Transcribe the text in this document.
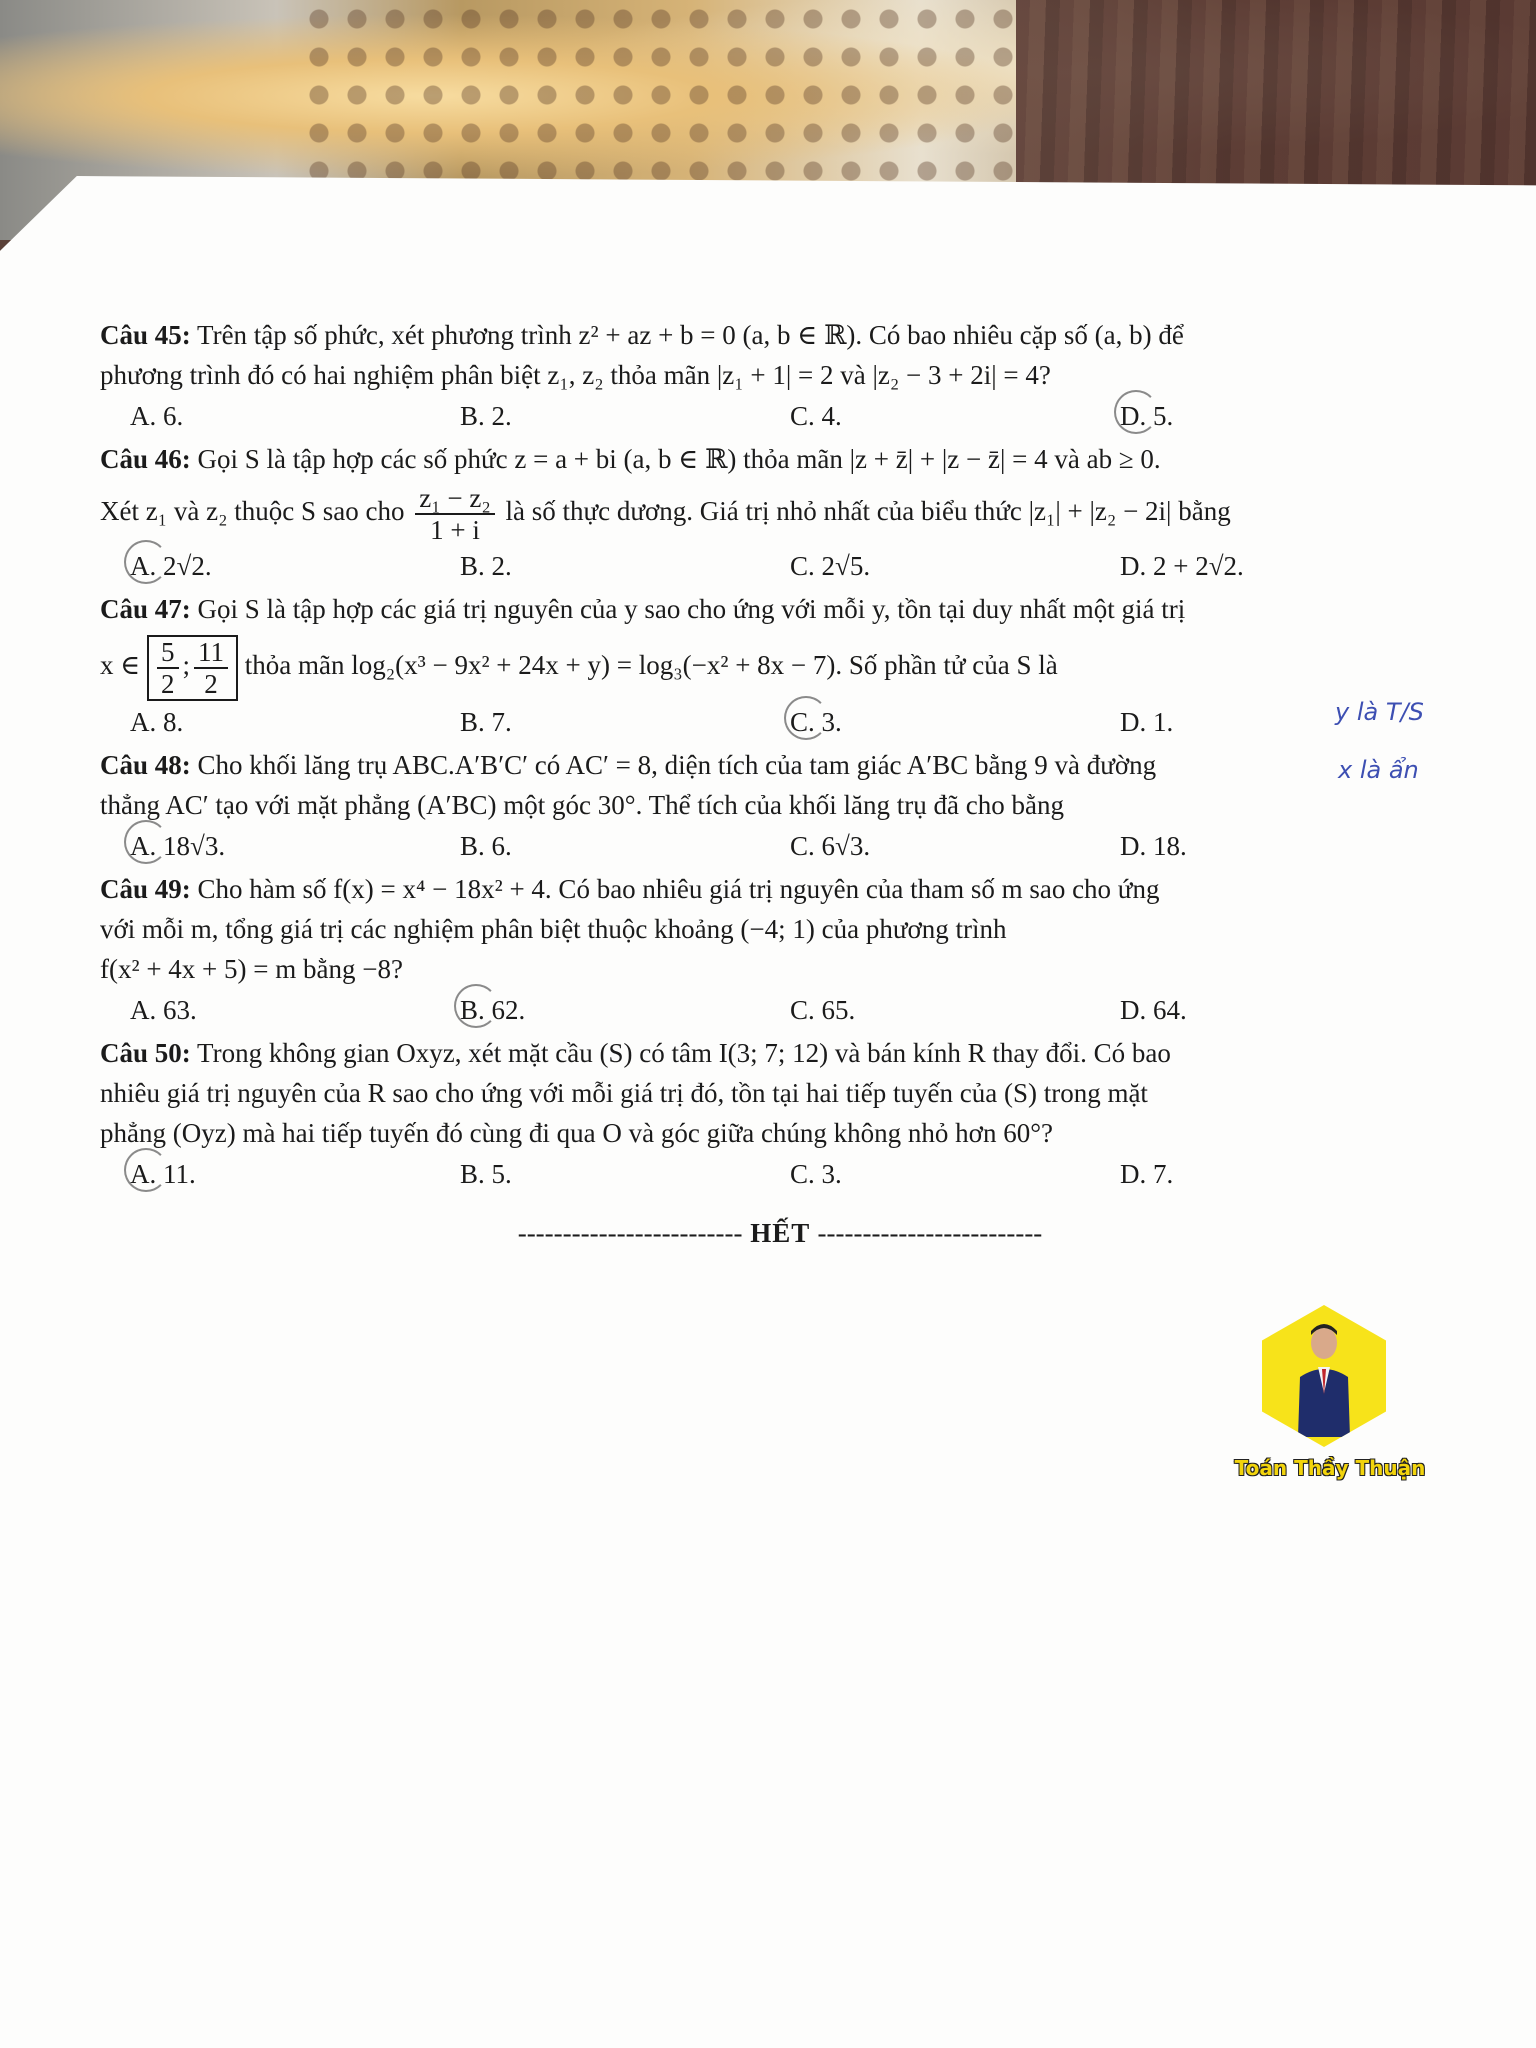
Câu 45: Trên tập số phức, xét phương trình z² + az + b = 0 (a, b ∈ ℝ). Có bao nhiêu cặp số (a, b) để

phương trình đó có hai nghiệm phân biệt z₁, z₂ thỏa mãn |z₁ + 1| = 2 và |z₂ − 3 + 2i| = 4?

A. 6.	B. 2.	C. 4.	D. 5.

Câu 46: Gọi S là tập hợp các số phức z = a + bi (a, b ∈ ℝ) thỏa mãn |z + z̄| + |z − z̄| = 4 và ab ≥ 0.

Xét z₁ và z₂ thuộc S sao cho $\frac{\text{z₁ − z₂}}{1 + i}$ là số thực dương. Giá trị nhỏ nhất của biểu thức |z₁| + |z₂ − 2i| bằng

A. 2√2.	B. 2.	C. 2√5.	D. 2 + 2√2.

Câu 47: Gọi S là tập hợp các giá trị nguyên của y sao cho ứng với mỗi y, tồn tại duy nhất một giá trị

x ∈ $\frac{5}{2}$ ; $\frac{11}{2}$ thỏa mãn log₂(x³ − 9x² + 24x + y) = log₃(−x² + 8x − 7). Số phần tử của S là

A. 8.	B. 7.	C. 3.	D. 1.

Câu 48: Cho khối lăng trụ ABC.A′B′C′ có AC′ = 8, diện tích của tam giác A′BC bằng 9 và đường

thẳng AC′ tạo với mặt phẳng (A′BC) một góc 30°. Thể tích của khối lăng trụ đã cho bằng

A. 18√3.	B. 6.	C. 6√3.	D. 18.

Câu 49: Cho hàm số f(x) = x⁴ − 18x² + 4. Có bao nhiêu giá trị nguyên của tham số m sao cho ứng

với mỗi m, tổng giá trị các nghiệm phân biệt thuộc khoảng (−4; 1) của phương trình

f(x² + 4x + 5) = m bằng −8?

A. 63.	B. 62.	C. 65.	D. 64.

Câu 50: Trong không gian Oxyz, xét mặt cầu (S) có tâm I(3; 7; 12) và bán kính R thay đổi. Có bao

nhiêu giá trị nguyên của R sao cho ứng với mỗi giá trị đó, tồn tại hai tiếp tuyến của (S) trong mặt

phẳng (Oyz) mà hai tiếp tuyến đó cùng đi qua O và góc giữa chúng không nhỏ hơn 60°?

A. 11.	B. 5.	C. 3.	D. 7.
------------------------- HẾT -------------------------
y là T/S
x là ẩn
Toán Thầy Thuận
